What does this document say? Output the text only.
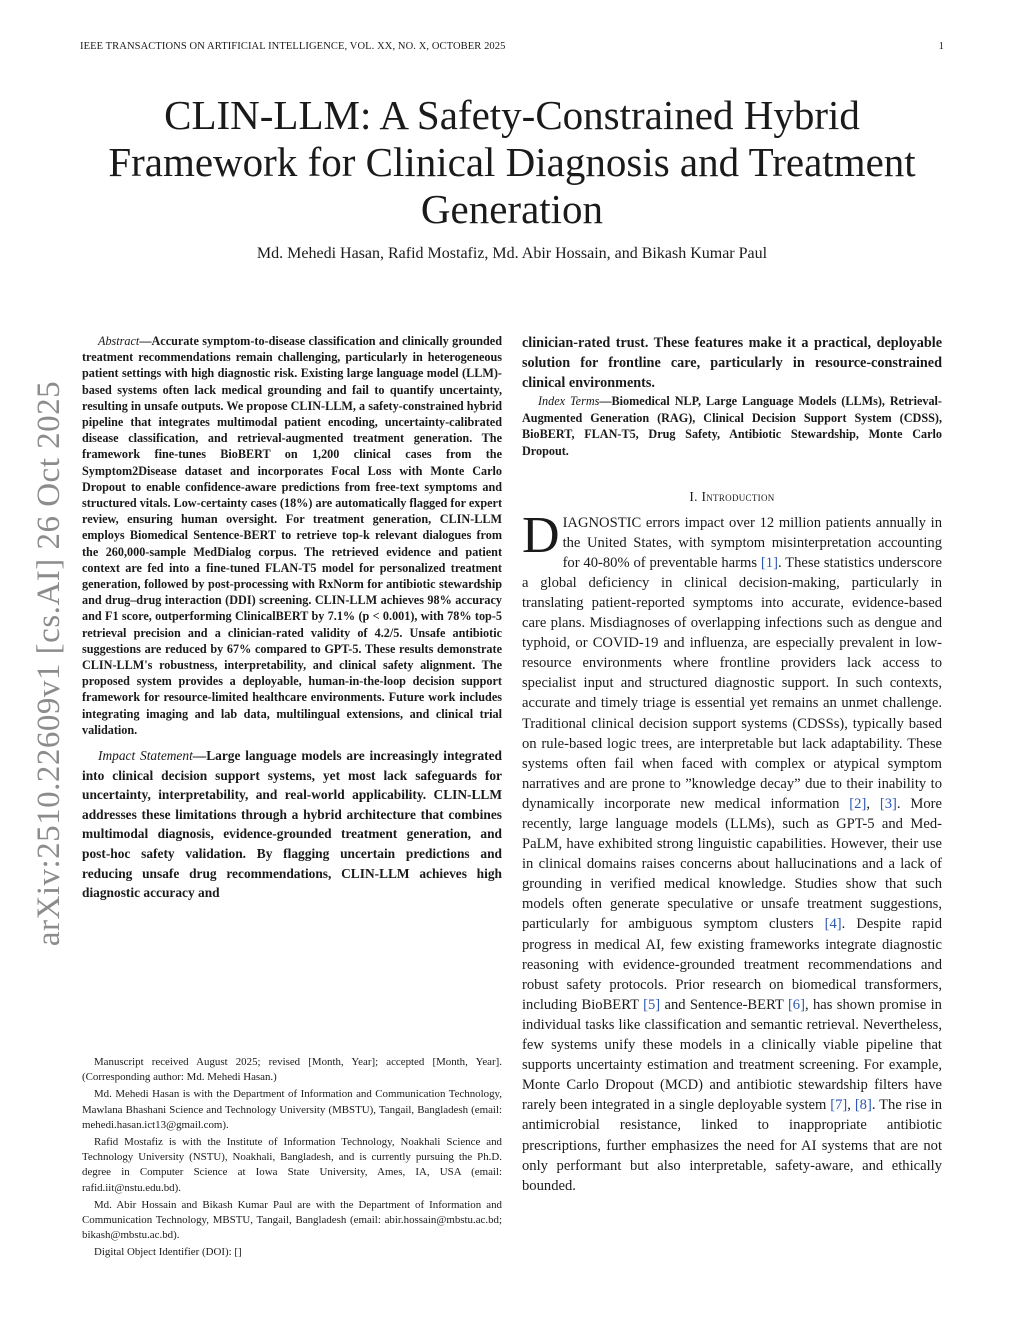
IEEE TRANSACTIONS ON ARTIFICIAL INTELLIGENCE, VOL. XX, NO. X, OCTOBER 2025	1
arXiv:2510.22609v1 [cs.AI] 26 Oct 2025
CLIN-LLM: A Safety-Constrained Hybrid Framework for Clinical Diagnosis and Treatment Generation
Md. Mehedi Hasan, Rafid Mostafiz, Md. Abir Hossain, and Bikash Kumar Paul

Abstract—Accurate symptom-to-disease classification and clinically grounded treatment recommendations remain challenging, particularly in heterogeneous patient settings with high diagnostic risk. Existing large language model (LLM)-based systems often lack medical grounding and fail to quantify uncertainty, resulting in unsafe outputs. We propose CLIN-LLM, a safety-constrained hybrid pipeline that integrates multimodal patient encoding, uncertainty-calibrated disease classification, and retrieval-augmented treatment generation. The framework fine-tunes BioBERT on 1,200 clinical cases from the Symptom2Disease dataset and incorporates Focal Loss with Monte Carlo Dropout to enable confidence-aware predictions from free-text symptoms and structured vitals. Low-certainty cases (18%) are automatically flagged for expert review, ensuring human oversight. For treatment generation, CLIN-LLM employs Biomedical Sentence-BERT to retrieve top-k relevant dialogues from the 260,000-sample MedDialog corpus. The retrieved evidence and patient context are fed into a fine-tuned FLAN-T5 model for personalized treatment generation, followed by post-processing with RxNorm for antibiotic stewardship and drug–drug interaction (DDI) screening. CLIN-LLM achieves 98% accuracy and F1 score, outperforming ClinicalBERT by 7.1% (p < 0.001), with 78% top-5 retrieval precision and a clinician-rated validity of 4.2/5. Unsafe antibiotic suggestions are reduced by 67% compared to GPT-5. These results demonstrate CLIN-LLM's robustness, interpretability, and clinical safety alignment. The proposed system provides a deployable, human-in-the-loop decision support framework for resource-limited healthcare environments. Future work includes integrating imaging and lab data, multilingual extensions, and clinical trial validation.

Impact Statement—Large language models are increasingly integrated into clinical decision support systems, yet most lack safeguards for uncertainty, interpretability, and real-world applicability. CLIN-LLM addresses these limitations through a hybrid architecture that combines multimodal diagnosis, evidence-grounded treatment generation, and post-hoc safety validation. By flagging uncertain predictions and reducing unsafe drug recommendations, CLIN-LLM achieves high diagnostic accuracy and

Manuscript received August 2025; revised [Month, Year]; accepted [Month, Year]. (Corresponding author: Md. Mehedi Hasan.)

Md. Mehedi Hasan is with the Department of Information and Communication Technology, Mawlana Bhashani Science and Technology University (MBSTU), Tangail, Bangladesh (email: mehedi.hasan.ict13@gmail.com).

Rafid Mostafiz is with the Institute of Information Technology, Noakhali Science and Technology University (NSTU), Noakhali, Bangladesh, and is currently pursuing the Ph.D. degree in Computer Science at Iowa State University, Ames, IA, USA (email: rafid.iit@nstu.edu.bd).

Md. Abir Hossain and Bikash Kumar Paul are with the Department of Information and Communication Technology, MBSTU, Tangail, Bangladesh (email: abir.hossain@mbstu.ac.bd; bikash@mbstu.ac.bd).

Digital Object Identifier (DOI): []

clinician-rated trust. These features make it a practical, deployable solution for frontline care, particularly in resource-constrained clinical environments.

Index Terms—Biomedical NLP, Large Language Models (LLMs), Retrieval-Augmented Generation (RAG), Clinical Decision Support System (CDSS), BioBERT, FLAN-T5, Drug Safety, Antibiotic Stewardship, Monte Carlo Dropout.

I. Introduction

DIAGNOSTIC errors impact over 12 million patients annually in the United States, with symptom misinterpretation accounting for 40-80% of preventable harms [1]. These statistics underscore a global deficiency in clinical decision-making, particularly in translating patient-reported symptoms into accurate, evidence-based care plans. Misdiagnoses of overlapping infections such as dengue and typhoid, or COVID-19 and influenza, are especially prevalent in low-resource environments where frontline providers lack access to specialist input and structured diagnostic support. In such contexts, accurate and timely triage is essential yet remains an unmet challenge. Traditional clinical decision support systems (CDSSs), typically based on rule-based logic trees, are interpretable but lack adaptability. These systems often fail when faced with complex or atypical symptom narratives and are prone to ”knowledge decay” due to their inability to dynamically incorporate new medical information [2], [3]. More recently, large language models (LLMs), such as GPT-5 and Med-PaLM, have exhibited strong linguistic capabilities. However, their use in clinical domains raises concerns about hallucinations and a lack of grounding in verified medical knowledge. Studies show that such models often generate speculative or unsafe treatment suggestions, particularly for ambiguous symptom clusters [4]. Despite rapid progress in medical AI, few existing frameworks integrate diagnostic reasoning with evidence-grounded treatment recommendations and robust safety protocols. Prior research on biomedical transformers, including BioBERT [5] and Sentence-BERT [6], has shown promise in individual tasks like classification and semantic retrieval. Nevertheless, few systems unify these models in a clinically viable pipeline that supports uncertainty estimation and treatment screening. For example, Monte Carlo Dropout (MCD) and antibiotic stewardship filters have rarely been integrated in a single deployable system [7], [8]. The rise in antimicrobial resistance, linked to inappropriate antibiotic prescriptions, further emphasizes the need for AI systems that are not only performant but also interpretable, safety-aware, and ethically bounded.
